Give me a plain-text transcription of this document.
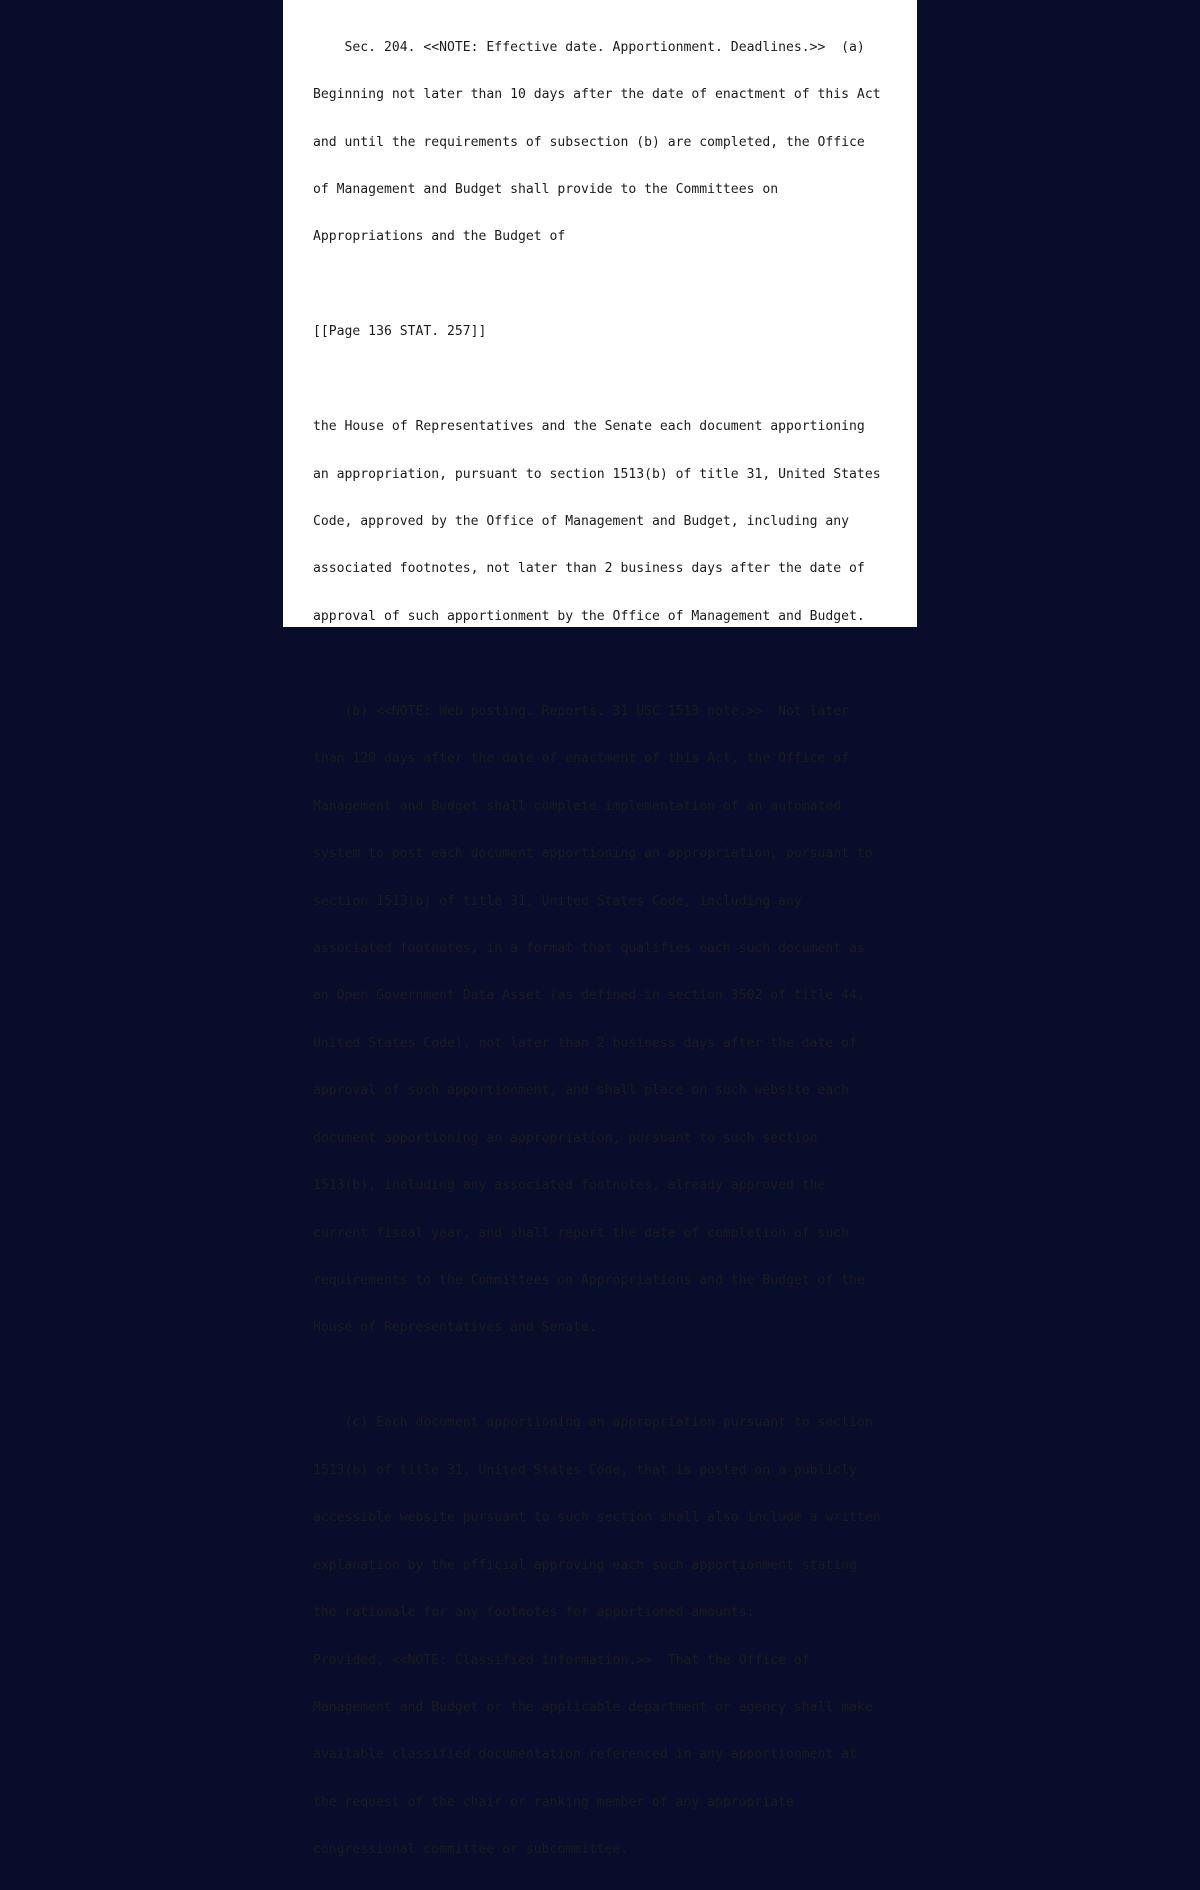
Sec. 204. <<NOTE: Effective date. Apportionment. Deadlines.>>  (a)

Beginning not later than 10 days after the date of enactment of this Act

and until the requirements of subsection (b) are completed, the Office

of Management and Budget shall provide to the Committees on

Appropriations and the Budget of

[[Page 136 STAT. 257]]

the House of Representatives and the Senate each document apportioning

an appropriation, pursuant to section 1513(b) of title 31, United States

Code, approved by the Office of Management and Budget, including any

associated footnotes, not later than 2 business days after the date of

approval of such apportionment by the Office of Management and Budget.

(b) <<NOTE: Web posting. Reports. 31 USC 1513 note.>>  Not later

than 120 days after the date of enactment of this Act, the Office of

Management and Budget shall complete implementation of an automated

system to post each document apportioning an appropriation, pursuant to

section 1513(b) of title 31, United States Code, including any

associated footnotes, in a format that qualifies each such document as

an Open Government Data Asset (as defined in section 3502 of title 44,

United States Code), not later than 2 business days after the date of

approval of such apportionment, and shall place on such website each

document apportioning an appropriation, pursuant to such section

1513(b), including any associated footnotes, already approved the

current fiscal year, and shall report the date of completion of such

requirements to the Committees on Appropriations and the Budget of the

House of Representatives and Senate.

(c) Each document apportioning an appropriation pursuant to section

1513(b) of title 31, United States Code, that is posted on a publicly

accessible website pursuant to such section shall also include a written

explanation by the official approving each such apportionment stating

the rationale for any footnotes for apportioned amounts:

Provided, <<NOTE: Classified information.>>  That the Office of

Management and Budget or the applicable department or agency shall make

available classified documentation referenced in any apportionment at

the request of the chair or ranking member of any appropriate

congressional committee or subcommittee.
